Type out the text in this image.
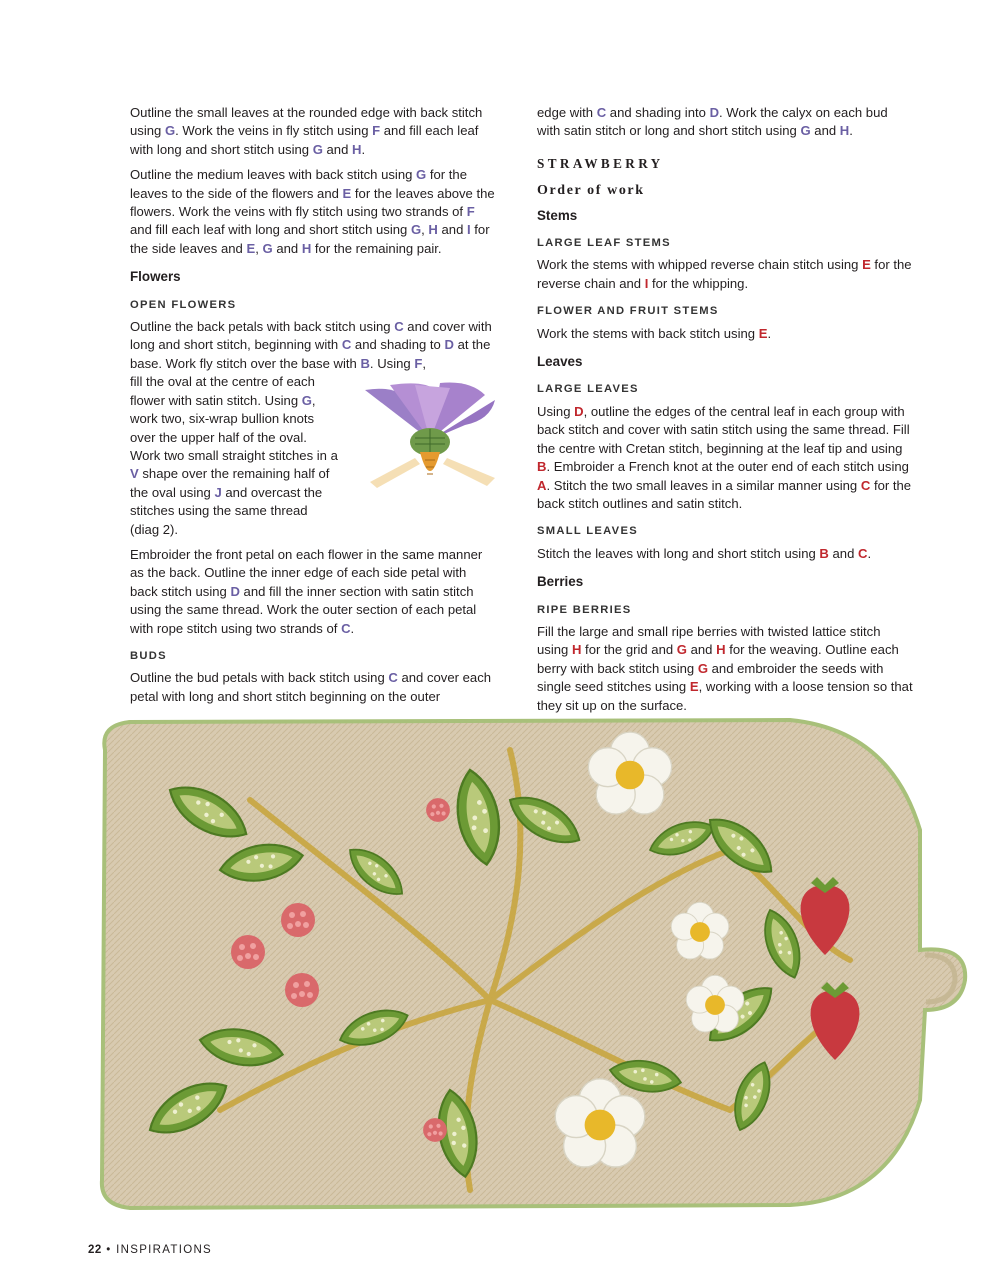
Outline the small leaves at the rounded edge with back stitch using G. Work the veins in fly stitch using F and fill each leaf with long and short stitch using G and H.

Outline the medium leaves with back stitch using G for the leaves to the side of the flowers and E for the leaves above the flowers. Work the veins with fly stitch using two strands of F and fill each leaf with long and short stitch using G, H and I for the side leaves and E, G and H for the remaining pair.

Flowers
OPEN FLOWERS

Outline the back petals with back stitch using C and cover with long and short stitch, beginning with C and shading to D at the base. Work fly stitch over the base with B. Using F,

fill the oval at the centre of each flower with satin stitch. Using G, work two, six-wrap bullion knots over the upper half of the oval. Work two small straight stitches in a V shape over the remaining half of the oval using J and overcast the stitches using the same thread (diag 2).

Embroider the front petal on each flower in the same manner as the back. Outline the inner edge of each side petal with back stitch using D and fill the inner section with satin stitch using the same thread. Work the outer section of each petal with rope stitch using two strands of C.

BUDS

Outline the bud petals with back stitch using C and cover each petal with long and short stitch beginning on the outer

edge with C and shading into D. Work the calyx on each bud with satin stitch or long and short stitch using G and H.

STRAWBERRY
Order of work
Stems
LARGE LEAF STEMS

Work the stems with whipped reverse chain stitch using E for the reverse chain and I for the whipping.

FLOWER AND FRUIT STEMS

Work the stems with back stitch using E.

Leaves
LARGE LEAVES

Using D, outline the edges of the central leaf in each group with back stitch and cover with satin stitch using the same thread. Fill the centre with Cretan stitch, beginning at the leaf tip and using B. Embroider a French knot at the outer end of each stitch using A. Stitch the two small leaves in a similar manner using C for the back stitch outlines and satin stitch.

SMALL LEAVES

Stitch the leaves with long and short stitch using B and C.

Berries
RIPE BERRIES

Fill the large and small ripe berries with twisted lattice stitch using H for the grid and G and H for the weaving. Outline each berry with back stitch using G and embroider the seeds with single seed stitches using E, working with a loose tension so that they sit up on the surface.

22 • INSPIRATIONS
